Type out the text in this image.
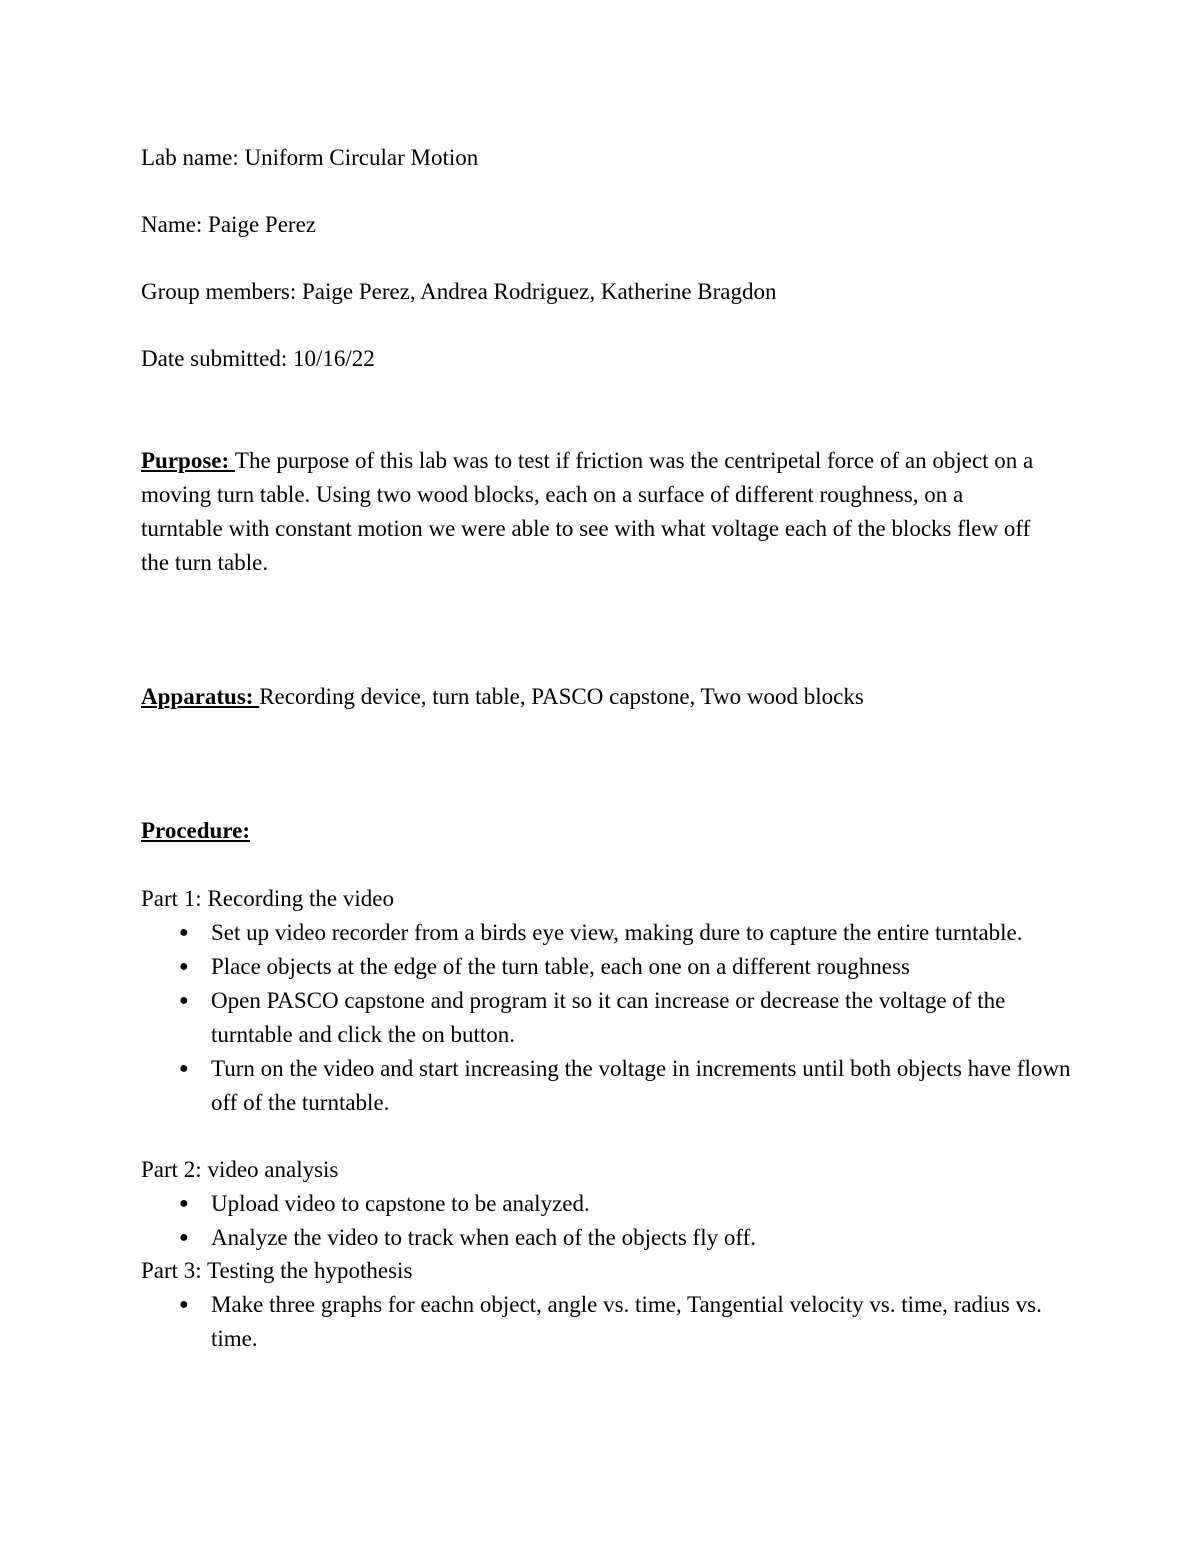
Lab name: Uniform Circular Motion
Name: Paige Perez
Group members: Paige Perez, Andrea Rodriguez, Katherine Bragdon
Date submitted: 10/16/22
Purpose: The purpose of this lab was to test if friction was the centripetal force of an object on a moving turn table. Using two wood blocks, each on a surface of different roughness, on a turntable with constant motion we were able to see with what voltage each of the blocks flew off the turn table.
Apparatus: Recording device, turn table, PASCO capstone, Two wood blocks
Procedure:
Part 1: Recording the video
● Set up video recorder from a birds eye view, making dure to capture the entire turntable.
● Place objects at the edge of the turn table, each one on a different roughness
● Open PASCO capstone and program it so it can increase or decrease the voltage of the turntable and click the on button.
● Turn on the video and start increasing the voltage in increments until both objects have flown off of the turntable.
Part 2: video analysis
● Upload video to capstone to be analyzed.
● Analyze the video to track when each of the objects fly off.
Part 3: Testing the hypothesis
● Make three graphs for eachn object, angle vs. time, Tangential velocity vs. time, radius vs. time.
